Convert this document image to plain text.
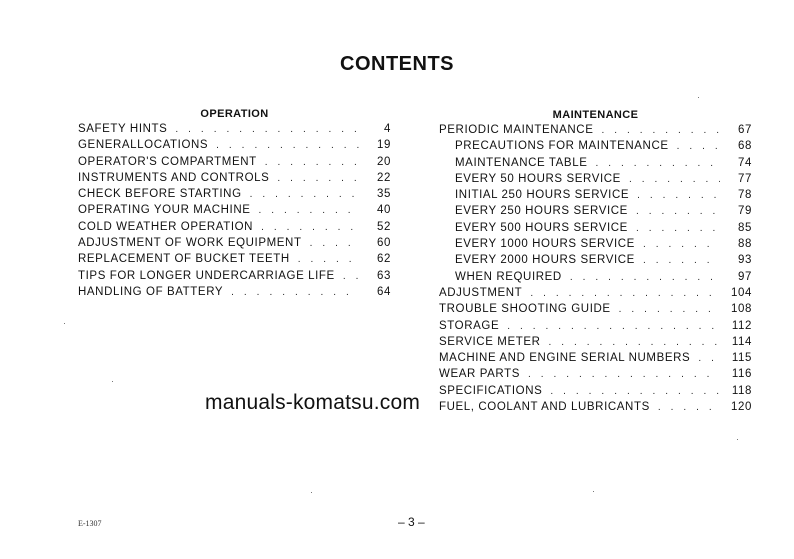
CONTENTS
OPERATION
SAFETY HINTS . . .	4
GENERALLOCATIONS . . .	19
OPERATOR'S COMPARTMENT . . .	20
INSTRUMENTS AND CONTROLS . . .	22
CHECK BEFORE STARTING . . .	35
OPERATING YOUR MACHINE . . .	40
COLD WEATHER OPERATION . . .	52
ADJUSTMENT OF WORK EQUIPMENT . . .	60
REPLACEMENT OF BUCKET TEETH . . .	62
TIPS FOR LONGER UNDERCARRIAGE LIFE . . .	63
HANDLING OF BATTERY . . .	64
MAINTENANCE
PERIODIC MAINTENANCE . . .	67
PRECAUTIONS FOR MAINTENANCE . . .	68
MAINTENANCE TABLE . . .	74
EVERY 50 HOURS SERVICE . . .	77
INITIAL 250 HOURS SERVICE . . .	78
EVERY 250 HOURS SERVICE . . .	79
EVERY 500 HOURS SERVICE . . .	85
EVERY 1000 HOURS SERVICE . . .	88
EVERY 2000 HOURS SERVICE . . .	93
WHEN REQUIRED . . .	97
ADJUSTMENT . . .	104
TROUBLE SHOOTING GUIDE . . .	108
STORAGE . . .	112
SERVICE METER . . .	114
MACHINE AND ENGINE SERIAL NUMBERS . . .	115
WEAR PARTS . . .	116
SPECIFICATIONS . . .	118
FUEL, COOLANT AND LUBRICANTS . . .	120
manuals-komatsu.com
E-1307	– 3 –
